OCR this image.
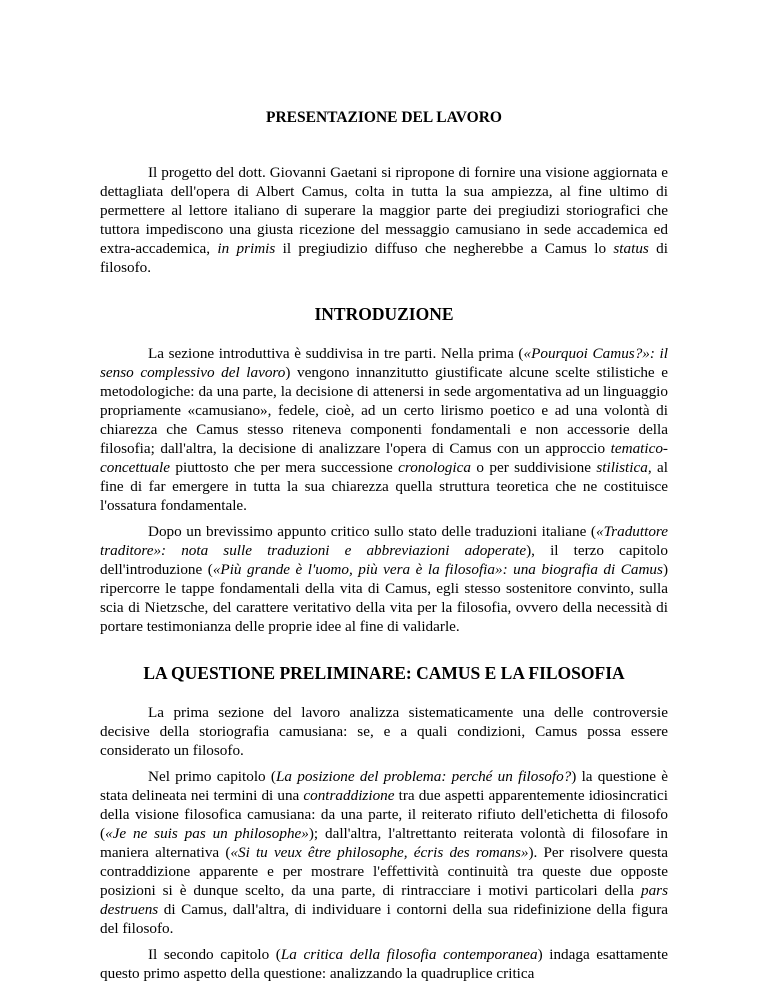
PRESENTAZIONE DEL LAVORO

Il progetto del dott. Giovanni Gaetani si ripropone di fornire una visione aggiornata e dettagliata dell'opera di Albert Camus, colta in tutta la sua ampiezza, al fine ultimo di permettere al lettore italiano di superare la maggior parte dei pregiudizi storiografici che tuttora impediscono una giusta ricezione del messaggio camusiano in sede accademica ed extra-accademica, in primis il pregiudizio diffuso che negherebbe a Camus lo status di filosofo.

INTRODUZIONE

La sezione introduttiva è suddivisa in tre parti. Nella prima («Pourquoi Camus?»: il senso complessivo del lavoro) vengono innanzitutto giustificate alcune scelte stilistiche e metodologiche: da una parte, la decisione di attenersi in sede argomentativa ad un linguaggio propriamente «camusiano», fedele, cioè, ad un certo lirismo poetico e ad una volontà di chiarezza che Camus stesso riteneva componenti fondamentali e non accessorie della filosofia; dall'altra, la decisione di analizzare l'opera di Camus con un approccio tematico-concettuale piuttosto che per mera successione cronologica o per suddivisione stilistica, al fine di far emergere in tutta la sua chiarezza quella struttura teoretica che ne costituisce l'ossatura fondamentale.

Dopo un brevissimo appunto critico sullo stato delle traduzioni italiane («Traduttore traditore»: nota sulle traduzioni e abbreviazioni adoperate), il terzo capitolo dell'introduzione («Più grande è l'uomo, più vera è la filosofia»: una biografia di Camus) ripercorre le tappe fondamentali della vita di Camus, egli stesso sostenitore convinto, sulla scia di Nietzsche, del carattere veritativo della vita per la filosofia, ovvero della necessità di portare testimonianza delle proprie idee al fine di validarle.

LA QUESTIONE PRELIMINARE: CAMUS E LA FILOSOFIA

La prima sezione del lavoro analizza sistematicamente una delle controversie decisive della storiografia camusiana: se, e a quali condizioni, Camus possa essere considerato un filosofo.

Nel primo capitolo (La posizione del problema: perché un filosofo?) la questione è stata delineata nei termini di una contraddizione tra due aspetti apparentemente idiosincratici della visione filosofica camusiana: da una parte, il reiterato rifiuto dell'etichetta di filosofo («Je ne suis pas un philosophe»); dall'altra, l'altrettanto reiterata volontà di filosofare in maniera alternativa («Si tu veux être philosophe, écris des romans»). Per risolvere questa contraddizione apparente e per mostrare l'effettività continuità tra queste due opposte posizioni si è dunque scelto, da una parte, di rintracciare i motivi particolari della pars destruens di Camus, dall'altra, di individuare i contorni della sua ridefinizione della figura del filosofo.

Il secondo capitolo (La critica della filosofia contemporanea) indaga esattamente questo primo aspetto della questione: analizzando la quadruplice critica
